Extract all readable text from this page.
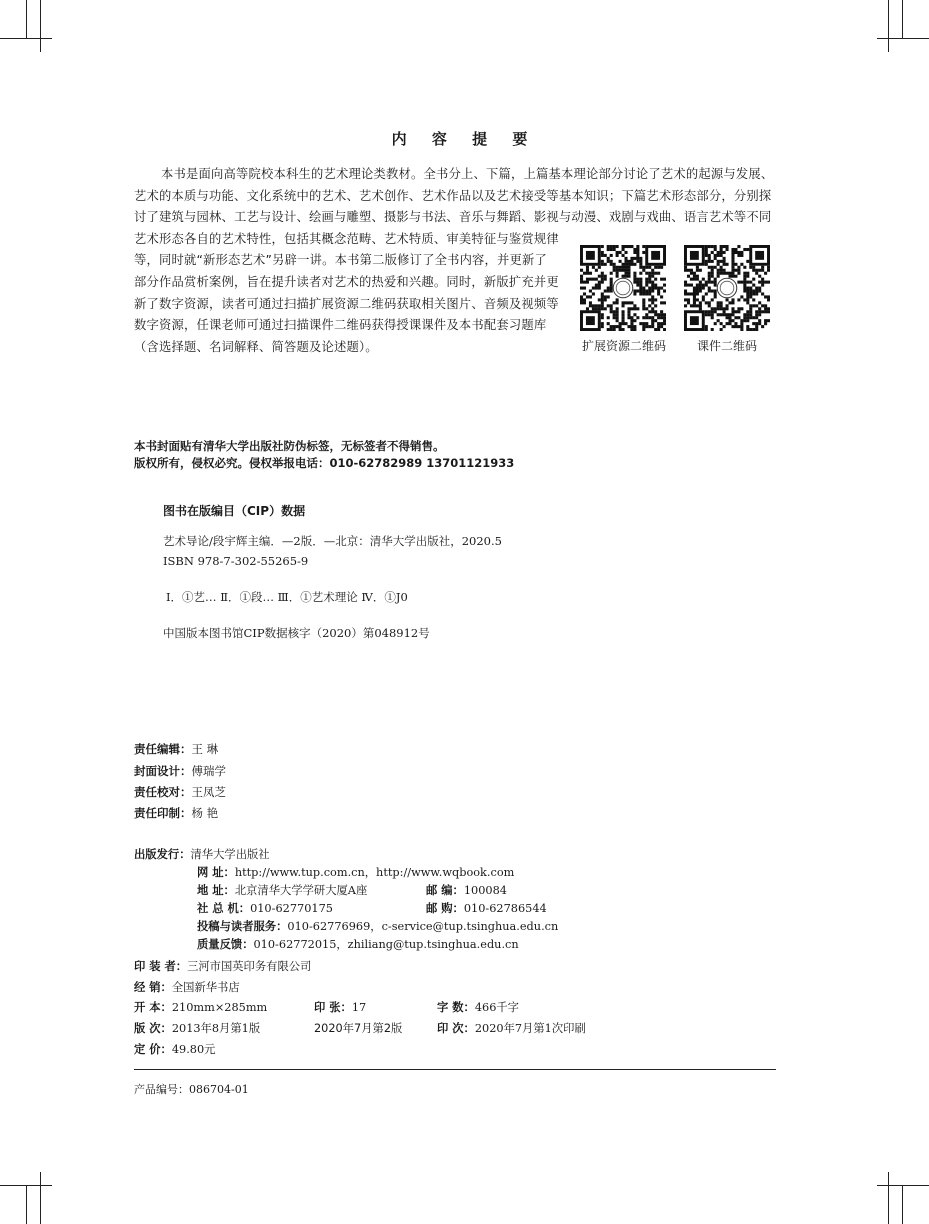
内 容 提 要
本书是面向高等院校本科生的艺术理论类教材。全书分上、下篇，上篇基本理论部分讨论了艺术的起源与发展、艺术的本质与功能、文化系统中的艺术、艺术创作、艺术作品以及艺术接受等基本知识；下篇艺术形态部分，分别探讨了建筑与园林、工艺与设计、绘画与雕塑、摄影与书法、音乐与舞蹈、影视与动漫、戏剧与戏曲、语言艺术等不同
艺术形态各自的艺术特性，包括其概念范畴、艺术特质、审美特征与鉴赏规律等，同时就“新形态艺术”另辟一讲。本书第二版修订了全书内容，并更新了部分作品赏析案例，旨在提升读者对艺术的热爱和兴趣。同时，新版扩充并更新了数字资源，读者可通过扫描扩展资源二维码获取相关图片、音频及视频等数字资源，任课老师可通过扫描课件二维码获得授课课件及本书配套习题库（含选择题、名词解释、简答题及论述题）。	扩展资源二维码	课件二维码
本书封面贴有清华大学出版社防伪标签，无标签者不得销售。
版权所有，侵权必究。侵权举报电话：010-62782989 13701121933
图书在版编目（CIP）数据
艺术导论/段宇辉主编．—2版．—北京：清华大学出版社，2020.5
ISBN 978-7-302-55265-9
Ⅰ．①艺… Ⅱ．①段… Ⅲ．①艺术理论 Ⅳ．①J0
中国版本图书馆CIP数据核字（2020）第048912号
责任编辑：王 琳
封面设计：傅瑞学
责任校对：王凤芝
责任印制：杨 艳
出版发行：清华大学出版社
网 址：http://www.tup.com.cn，http://www.wqbook.com
地 址：北京清华大学学研大厦A座	邮 编：100084
社 总 机：010-62770175	邮 购：010-62786544
投稿与读者服务：010-62776969，c-service@tup.tsinghua.edu.cn
质量反馈：010-62772015，zhiliang@tup.tsinghua.edu.cn
印 装 者：三河市国英印务有限公司
经 销：全国新华书店
开 本：210mm×285mm	印 张：17	字 数：466千字
版 次：2013年8月第1版	2020年7月第2版	印 次：2020年7月第1次印刷
定 价：49.80元
产品编号：086704-01
